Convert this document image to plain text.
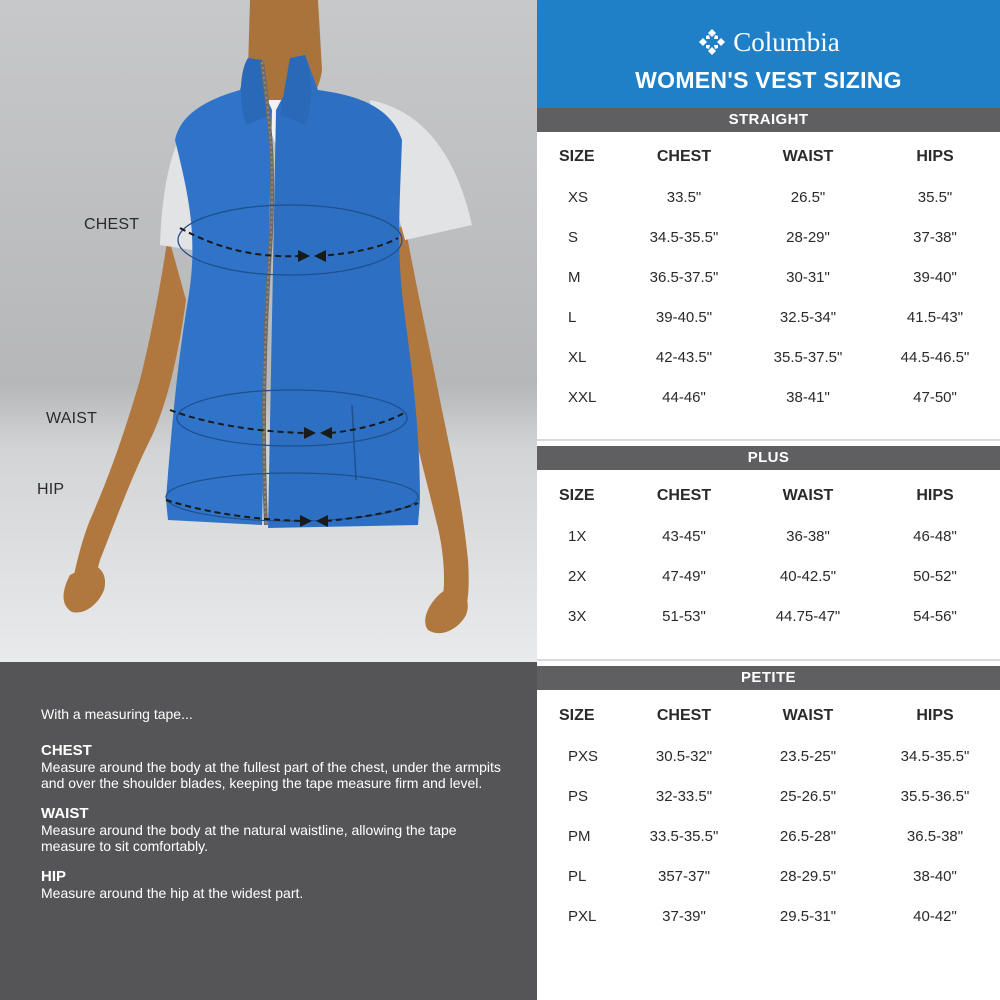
CHEST
WAIST
HIP
With a measuring tape...
CHEST
Measure around the body at the fullest part of the chest, under the armpits and over the shoulder blades, keeping the tape measure firm and level.
WAIST
Measure around the body at the natural waistline, allowing the tape measure to sit comfortably.
HIP
Measure around the hip at the widest part.
Columbia
WOMEN'S VEST SIZING
STRAIGHT
SIZE	CHEST	WAIST	HIPS
XS	33.5"	26.5"	35.5"
S	34.5-35.5"	28-29"	37-38"
M	36.5-37.5"	30-31"	39-40"
L	39-40.5"	32.5-34"	41.5-43"
XL	42-43.5"	35.5-37.5"	44.5-46.5"
XXL	44-46"	38-41"	47-50"
PLUS
SIZE	CHEST	WAIST	HIPS
1X	43-45"	36-38"	46-48"
2X	47-49"	40-42.5"	50-52"
3X	51-53"	44.75-47"	54-56"
PETITE
SIZE	CHEST	WAIST	HIPS
PXS	30.5-32"	23.5-25"	34.5-35.5"
PS	32-33.5"	25-26.5"	35.5-36.5"
PM	33.5-35.5"	26.5-28"	36.5-38"
PL	357-37"	28-29.5"	38-40"
PXL	37-39"	29.5-31"	40-42"
